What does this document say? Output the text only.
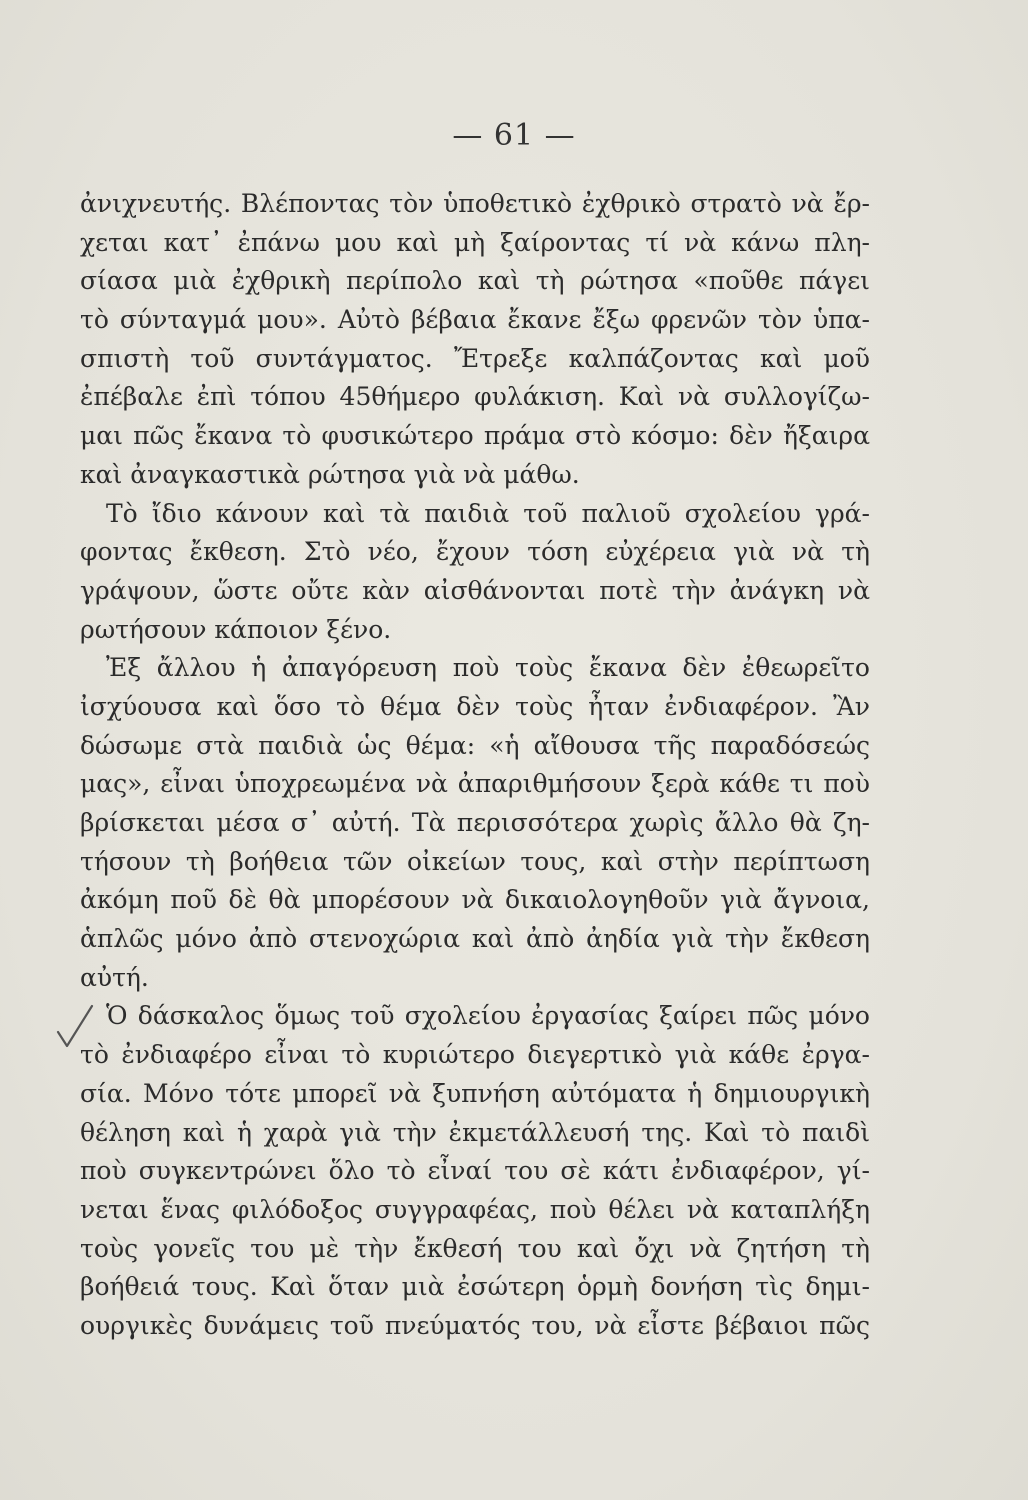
— 61 —
ἀνιχνευτής. Βλέποντας τὸν ὑποθετικὸ ἐχθρικὸ στρατὸ νὰ ἔρ-
χεται κατ᾿ ἐπάνω μου καὶ μὴ ξαίροντας τί νὰ κάνω πλη-
σίασα μιὰ ἐχθρικὴ περίπολο καὶ τὴ ρώτησα «ποῦθε πάγει
τὸ σύνταγμά μου». Αὐτὸ βέβαια ἔκανε ἔξω φρενῶν τὸν ὑπα-
σπιστὴ τοῦ συντάγματος. Ἔτρεξε καλπάζοντας καὶ μοῦ
ἐπέβαλε ἐπὶ τόπου 45θήμερο φυλάκιση. Καὶ νὰ συλλογίζω-
μαι πῶς ἔκανα τὸ φυσικώτερο πράμα στὸ κόσμο: δὲν ἤξαιρα
καὶ ἀναγκαστικὰ ρώτησα γιὰ νὰ μάθω.
Τὸ ἴδιο κάνουν καὶ τὰ παιδιὰ τοῦ παλιοῦ σχολείου γρά-
φοντας ἔκθεση. Στὸ νέο, ἔχουν τόση εὐχέρεια γιὰ νὰ τὴ
γράψουν, ὥστε οὔτε κὰν αἰσθάνονται ποτὲ τὴν ἀνάγκη νὰ
ρωτήσουν κάποιον ξένο.
Ἐξ ἄλλου ἡ ἀπαγόρευση ποὺ τοὺς ἔκανα δὲν ἐθεωρεῖτο
ἰσχύουσα καὶ ὅσο τὸ θέμα δὲν τοὺς ἦταν ἐνδιαφέρον. Ἂν
δώσωμε στὰ παιδιὰ ὡς θέμα: «ἡ αἴθουσα τῆς παραδόσεώς
μας», εἶναι ὑποχρεωμένα νὰ ἀπαριθμήσουν ξερὰ κάθε τι ποὺ
βρίσκεται μέσα σ᾿ αὐτή. Τὰ περισσότερα χωρὶς ἄλλο θὰ ζη-
τήσουν τὴ βοήθεια τῶν οἰκείων τους, καὶ στὴν περίπτωση
ἀκόμη ποῦ δὲ θὰ μπορέσουν νὰ δικαιολογηθοῦν γιὰ ἄγνοια,
ἁπλῶς μόνο ἀπὸ στενοχώρια καὶ ἀπὸ ἀηδία γιὰ τὴν ἔκθεση
αὐτή.
Ὁ δάσκαλος ὅμως τοῦ σχολείου ἐργασίας ξαίρει πῶς μόνο
τὸ ἐνδιαφέρο εἶναι τὸ κυριώτερο διεγερτικὸ γιὰ κάθε ἐργα-
σία. Μόνο τότε μπορεῖ νὰ ξυπνήση αὐτόματα ἡ δημιουργικὴ
θέληση καὶ ἡ χαρὰ γιὰ τὴν ἐκμετάλλευσή της. Καὶ τὸ παιδὶ
ποὺ συγκεντρώνει ὅλο τὸ εἶναί του σὲ κάτι ἐνδιαφέρον, γί-
νεται ἕνας φιλόδοξος συγγραφέας, ποὺ θέλει νὰ καταπλήξη
τοὺς γονεῖς του μὲ τὴν ἔκθεσή του καὶ ὄχι νὰ ζητήση τὴ
βοήθειά τους. Καὶ ὅταν μιὰ ἐσώτερη ὁρμὴ δονήση τὶς δημι-
ουργικὲς δυνάμεις τοῦ πνεύματός του, νὰ εἶστε βέβαιοι πῶς
